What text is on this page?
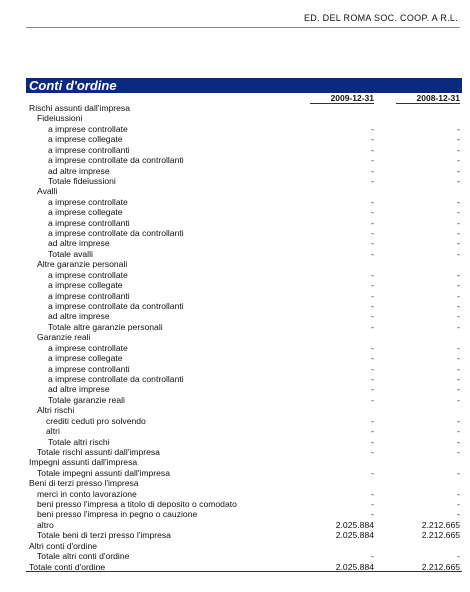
ED. DEL ROMA SOC. COOP. A R.L.
Conti d'ordine
2009-12-31	2008-12-31
Rischi assunti dall'impresa
Fideiussioni
a imprese controllate	-	-
a imprese collegate	-	-
a imprese controllanti	-	-
a imprese controllate da controllanti	-	-
ad altre imprese	-	-
Totale fideiussioni	-	-
Avalli
a imprese controllate	-	-
a imprese collegate	-	-
a imprese controllanti	-	-
a imprese controllate da controllanti	-	-
ad altre imprese	-	-
Totale avalli	-	-
Altre garanzie personali
a imprese controllate	-	-
a imprese collegate	-	-
a imprese controllanti	-	-
a imprese controllate da controllanti	-	-
ad altre imprese	-	-
Totale altre garanzie personali	-	-
Garanzie reali
a imprese controllate	-	-
a imprese collegate	-	-
a imprese controllanti	-	-
a imprese controllate da controllanti	-	-
ad altre imprese	-	-
Totale garanzie reali	-	-
Altri rischi
crediti ceduti pro solvendo	-	-
altri	-	-
Totale altri rischi	-	-
Totale rischi assunti dall'impresa	-	-
Impegni assunti dall'impresa
Totale impegni assunti dall'impresa	-	-
Beni di terzi presso l'impresa
merci in conto lavorazione	-	-
beni presso l'impresa a titolo di deposito o comodato	-	-
beni presso l'impresa in pegno o cauzione	-	-
altro	2.025.884	2.212.665
Totale beni di terzi presso l'impresa	2.025.884	2.212.665
Altri conti d'ordine
Totale altri conti d'ordine	-	-
Totale conti d'ordine	2.025.884	2.212.665
